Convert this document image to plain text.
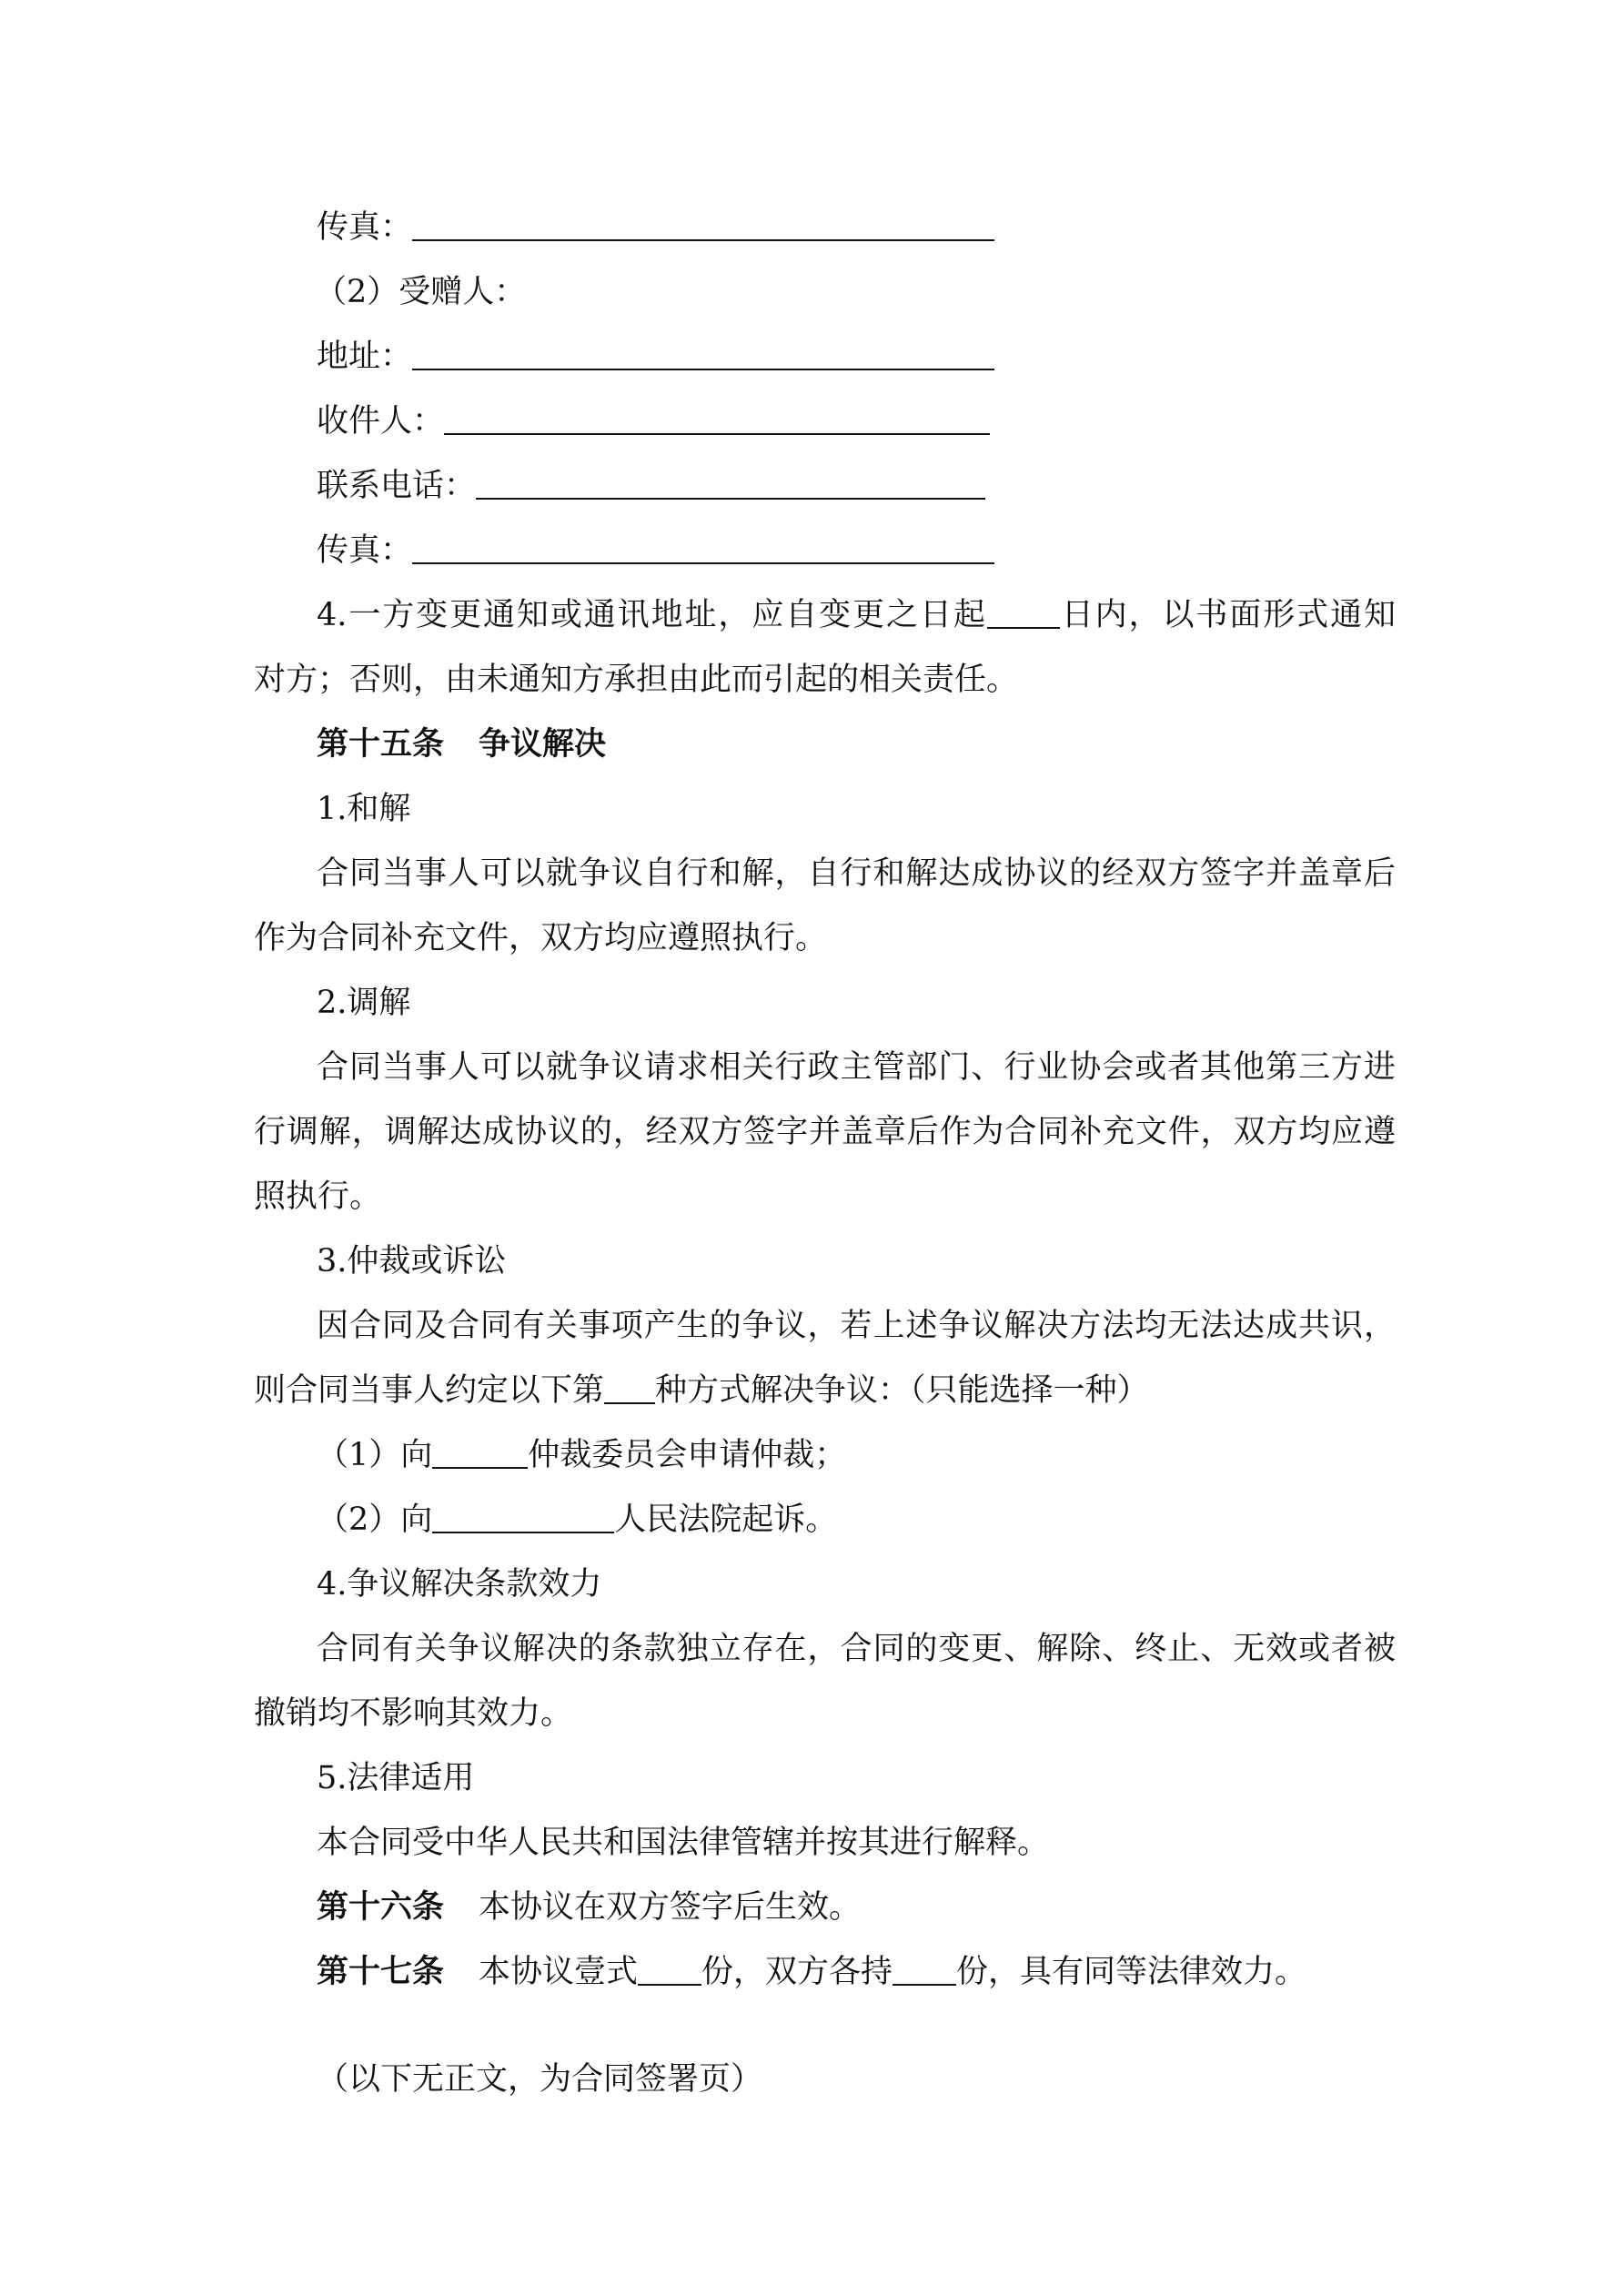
传真：
（2）受赠人：
地址：
收件人：
联系电话：
传真：
4.一方变更通知或通讯地址，应自变更之日起 日内，以书面形式通知
对方；否则，由未通知方承担由此而引起的相关责任。
第十五条 争议解决
1.和解
合同当事人可以就争议自行和解，自行和解达成协议的经双方签字并盖章后
作为合同补充文件，双方均应遵照执行。
2.调解
合同当事人可以就争议请求相关行政主管部门、行业协会或者其他第三方进
行调解，调解达成协议的，经双方签字并盖章后作为合同补充文件，双方均应遵
照执行。
3.仲裁或诉讼
因合同及合同有关事项产生的争议，若上述争议解决方法均无法达成共识，
则合同当事人约定以下第 种方式解决争议：（只能选择一种）
（1）向	仲裁委员会申请仲裁；
（2）向	人民法院起诉。
4.争议解决条款效力
合同有关争议解决的条款独立存在，合同的变更、解除、终止、无效或者被
撤销均不影响其效力。
5.法律适用
本合同受中华人民共和国法律管辖并按其进行解释。
第十六条 本协议在双方签字后生效。
第十七条 本协议壹式 份，双方各持 份，具有同等法律效力。
（以下无正文，为合同签署页）
